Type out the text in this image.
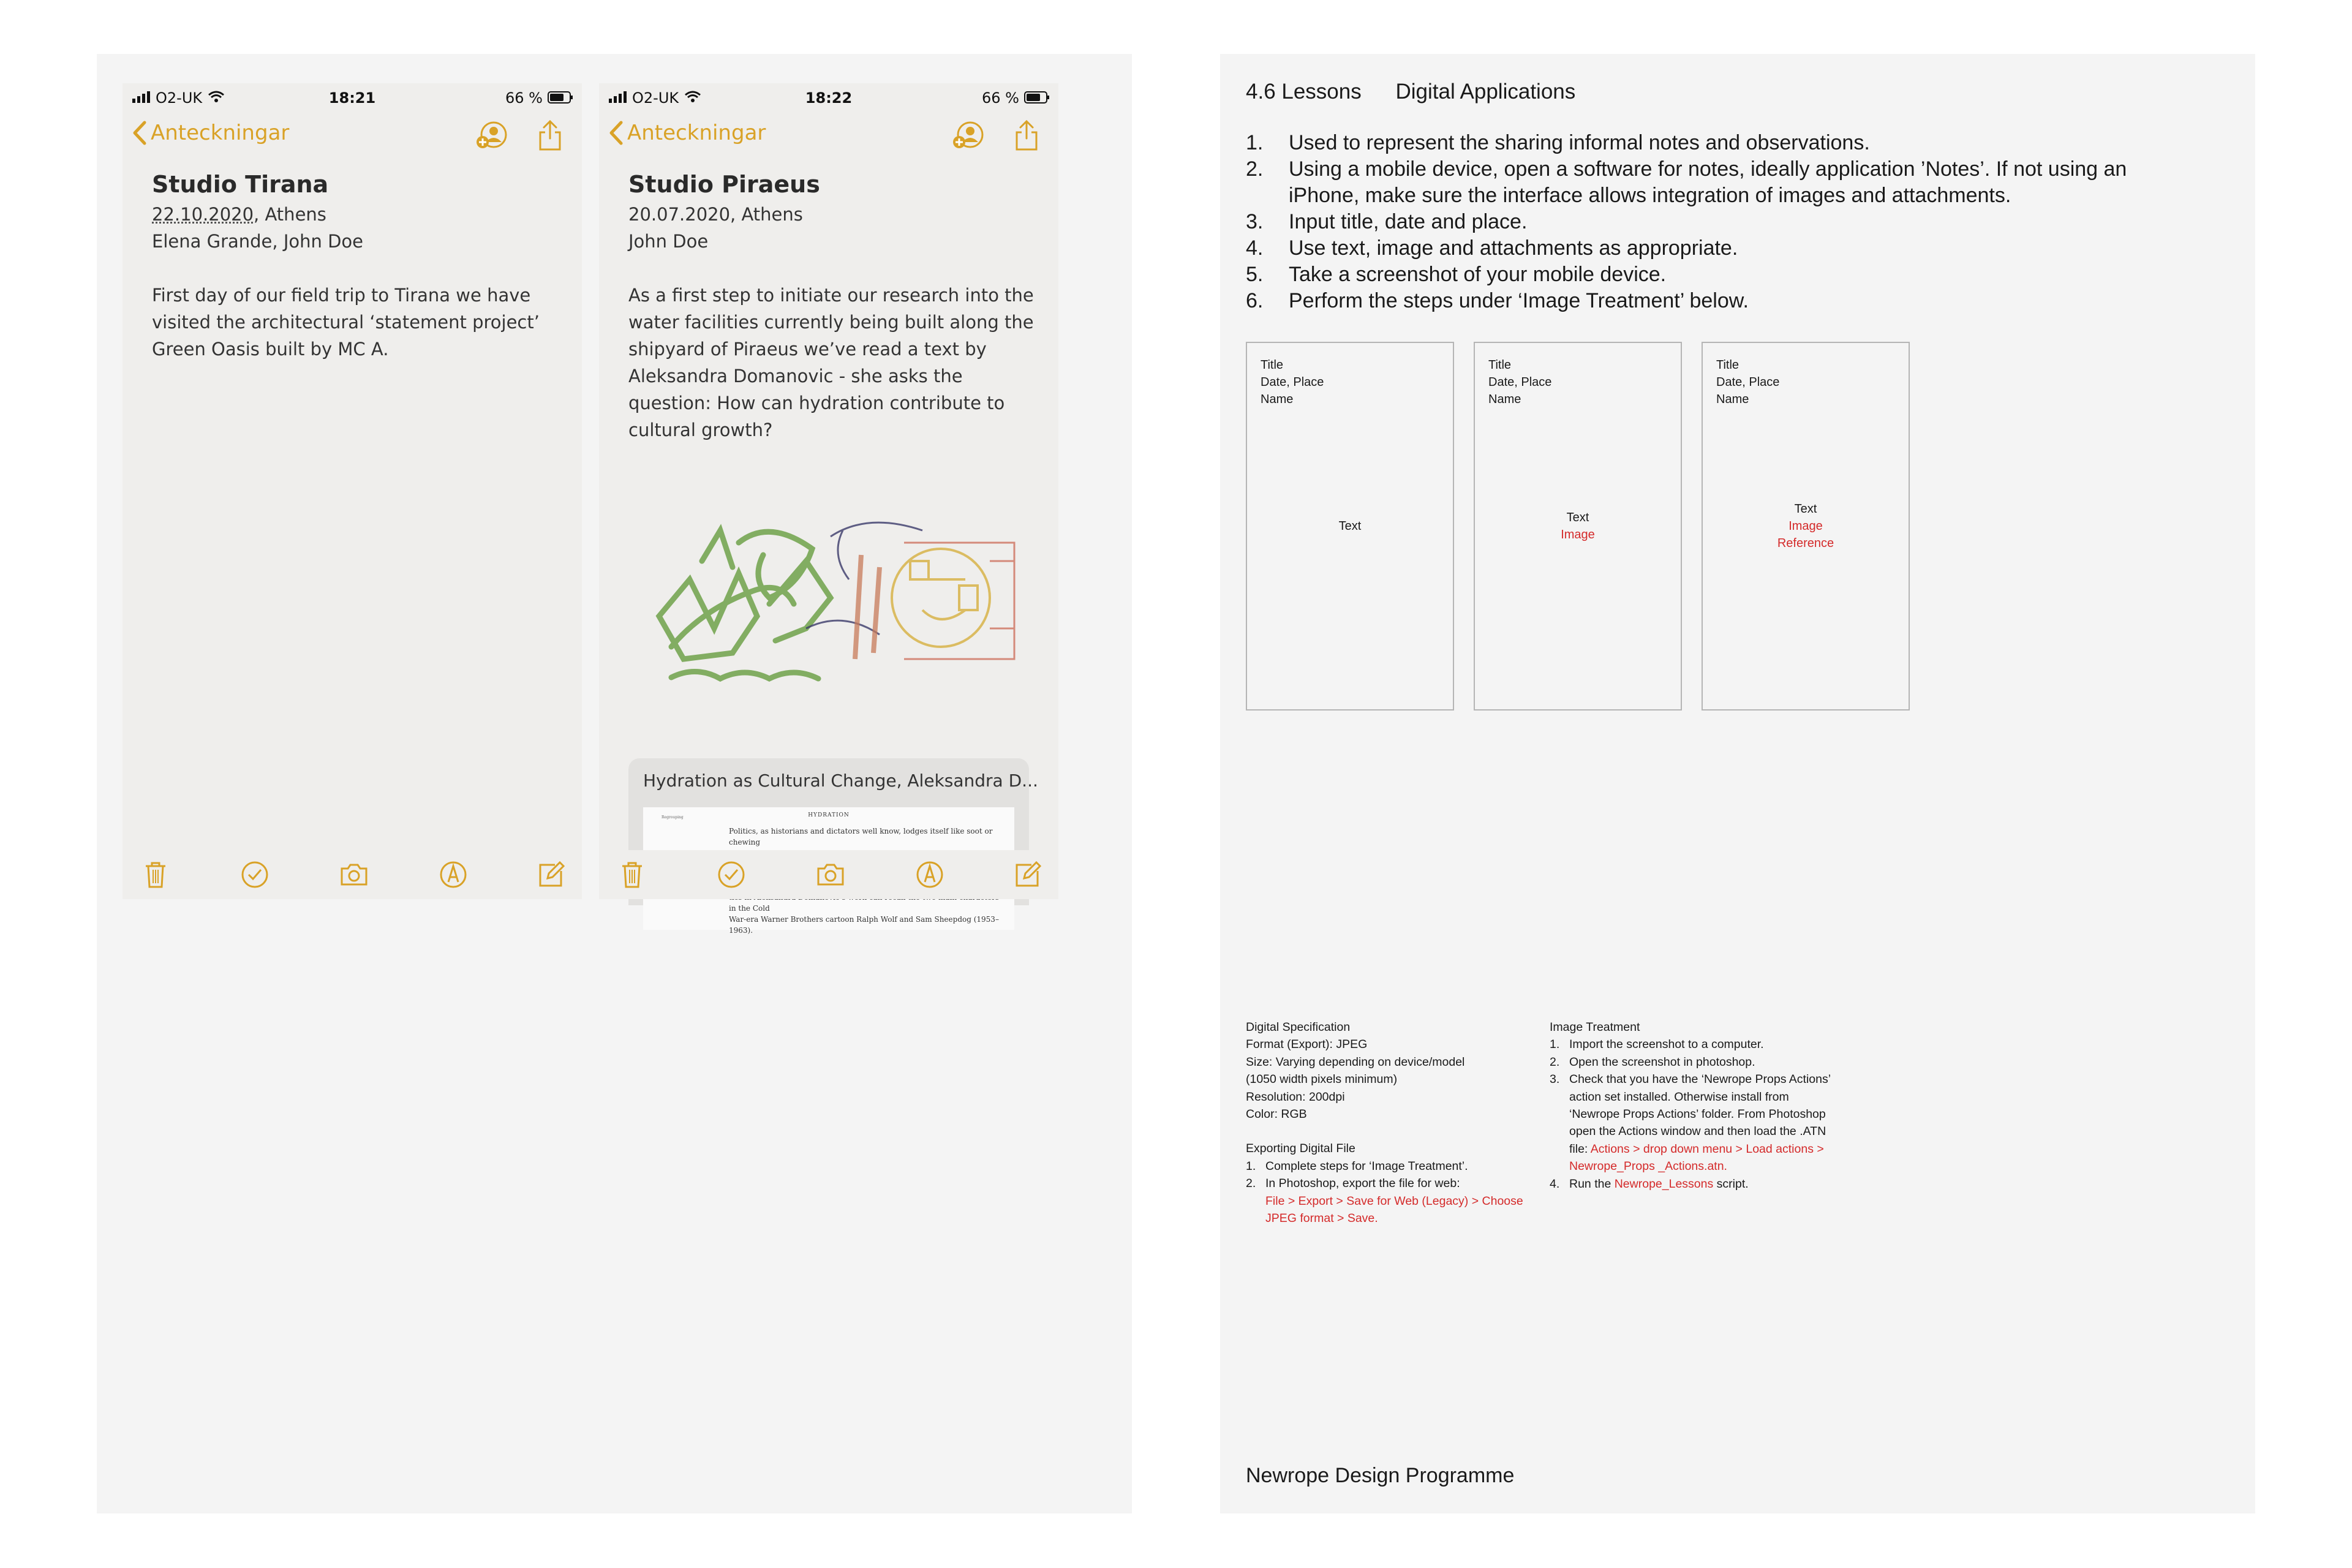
O2-UK	18:21	66 %
Anteckningar
Studio Tirana
22.10.2020, Athens
Elena Grande, John Doe

First day of our field trip to Tirana we have visited the architectural ‘statement project’ Green Oasis built by MC A.

O2-UK	18:22	66 %
Anteckningar
Studio Piraeus
20.07.2020, Athens
John Doe

As a first step to initiate our research into the water facilities currently being built along the shipyard of Piraeus we’ve read a text by Aleksandra Domanovic - she asks the question: How can hydration contribute to cultural growth?

Hydration as Cultural Change, Aleksandra D...
HYDRATION
Regrouping
Politics, as historians and dictators well know, lodges itself like soot or chewing
in the Cold
War-era Warner Brothers cartoon Ralph Wolf and Sam Sheepdog (1953–1963).
4.6 Lessons Digital Applications
1. Used to represent the sharing informal notes and observations.
2. Using a mobile device, open a software for notes, ideally application ’Notes’. If not using an iPhone, make sure the interface allows integration of images and attachments.
3. Input title, date and place.
4. Use text, image and attachments as appropriate.
5. Take a screenshot of your mobile device.
6. Perform the steps under ‘Image Treatment’ below.
Title
Date, Place
Name
Text
Title
Date, Place
Name
Text
Image
Title
Date, Place
Name
Text
Image
Reference
Digital Specification
Format (Export): JPEG
Size: Varying depending on device/model
(1050 width pixels minimum)
Resolution: 200dpi
Color: RGB
Exporting Digital File
1. Complete steps for ‘Image Treatment’.
2. In Photoshop, export the file for web:
File > Export > Save for Web (Legacy) > Choose JPEG format > Save.
Image Treatment
1. Import the screenshot to a computer.
2. Open the screenshot in photoshop.
3. Check that you have the ‘Newrope Props Actions’ action set installed. Otherwise install from ‘Newrope Props Actions’ folder. From Photoshop open the Actions window and then load the .ATN file: Actions > drop down menu > Load actions > Newrope_Props _Actions.atn.
4. Run the Newrope_Lessons script.
Newrope Design Programme
